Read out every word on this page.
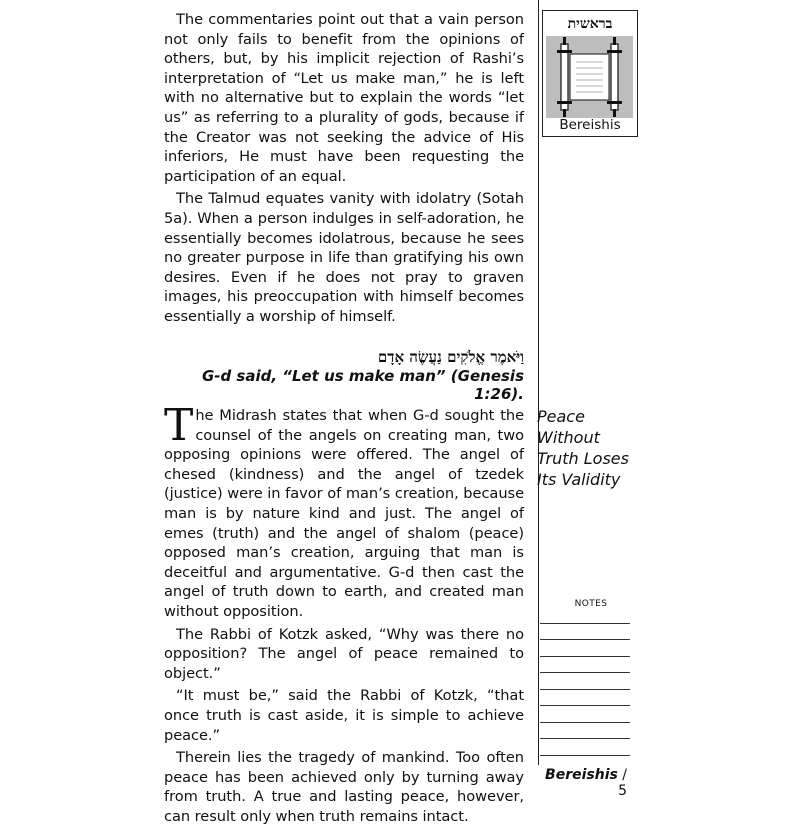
The commentaries point out that a vain person not only fails to benefit from the opinions of others, but, by his implicit rejection of Rashi’s interpretation of “Let us make man,” he is left with no alternative but to explain the words “let us” as referring to a plurality of gods, because if the Creator was not seeking the advice of His inferiors, He must have been requesting the participation of an equal.

The Talmud equates vanity with idolatry (Sotah 5a). When a person indulges in self-adoration, he essentially becomes idolatrous, because he sees no greater purpose in life than gratifying his own desires. Even if he does not pray to graven images, his preoccupation with himself becomes essentially a worship of himself.

וַיֹּאמֶר אֱלֹקִים נַעֲשֶׂה אָדָם
G-d said, “Let us make man” (Genesis 1:26).

The Midrash states that when G-d sought the counsel of the angels on creating man, two opposing opinions were offered. The angel of chesed (kindness) and the angel of tzedek (justice) were in favor of man’s creation, because man is by nature kind and just. The angel of emes (truth) and the angel of shalom (peace) opposed man’s creation, arguing that man is deceitful and argumentative. G-d then cast the angel of truth down to earth, and created man without opposition.

The Rabbi of Kotzk asked, “Why was there no opposition? The angel of peace remained to object.”

“It must be,” said the Rabbi of Kotzk, “that once truth is cast aside, it is simple to achieve peace.”

Therein lies the tragedy of mankind. Too often peace has been achieved only by turning away from truth. A true and lasting peace, however, can result only when truth remains intact.

בראשית
Bereishis
Peace
Without
Truth Loses
Its Validity
NOTES
Bereishis / 5
